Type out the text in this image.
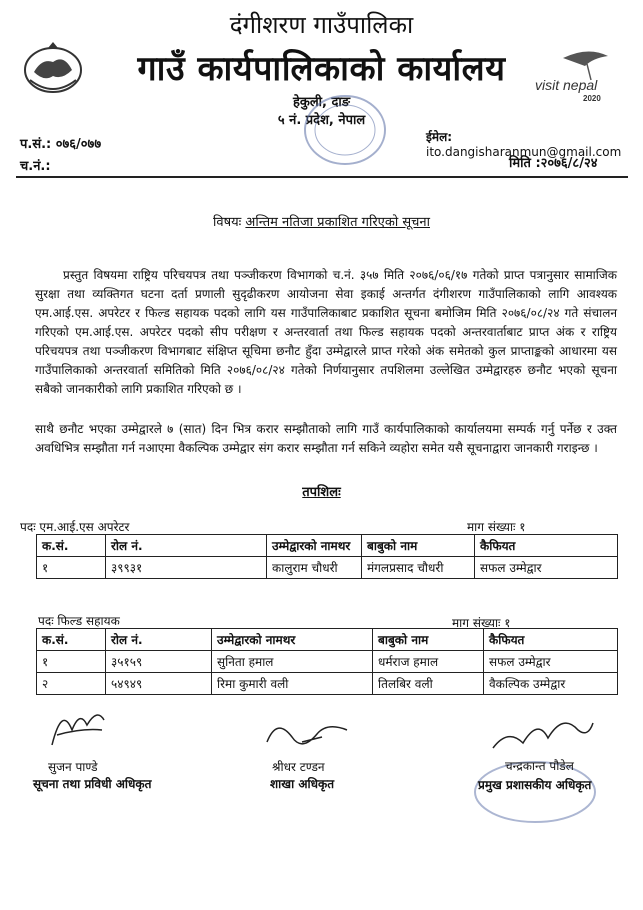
visit nepal
2020
दंगीशरण गाउँपालिका
गाउँ कार्यपालिकाको कार्यालय
हेकुली, दाङ
५ नं. प्रदेश, नेपाल
प.सं.: ०७६/०७७
च.नं.:
ईमेल: ito.dangisharanmun@gmail.com
मिति :२०७६/८/२४
विषयः अन्तिम नतिजा प्रकाशित गरिएको सूचना
प्रस्तुत विषयमा राष्ट्रिय परिचयपत्र तथा पञ्जीकरण विभागको च.नं. ३५७ मिति २०७६/०६/१७ गतेको प्राप्त पत्रानुसार सामाजिक सुरक्षा तथा व्यक्तिगत घटना दर्ता प्रणाली सुदृढीकरण आयोजना सेवा इकाई अन्तर्गत दंगीशरण गाउँपालिकाको लागि आवश्यक एम.आई.एस. अपरेटर र फिल्ड सहायक पदको लागि यस गाउँपालिकाबाट प्रकाशित सूचना बमोजिम मिति २०७६/०८/२४ गते संचालन गरिएको एम.आई.एस. अपरेटर पदको सीप परीक्षण र अन्तरवार्ता तथा फिल्ड सहायक पदको अन्तरवार्ताबाट प्राप्त अंक र राष्ट्रिय परिचयपत्र तथा पञ्जीकरण विभागबाट संक्षिप्त सूचिमा छनौट हुँदा उम्मेद्वारले प्राप्त गरेको अंक समेतको कुल प्राप्ताङ्कको आधारमा यस गाउँपालिकाको अन्तरवार्ता समितिको मिति २०७६/०८/२४ गतेको निर्णयानुसार तपशिलमा उल्लेखित उम्मेद्वारहरु छनौट भएको सूचना सबैको जानकारीको लागि प्रकाशित गरिएको छ ।
साथै छनौट भएका उम्मेद्वारले ७ (सात) दिन भित्र करार सम्झौताको लागि गाउँ कार्यपालिकाको कार्यालयमा सम्पर्क गर्नु पर्नेछ र उक्त अवधिभित्र सम्झौता गर्न नआएमा वैकल्पिक उम्मेद्वार संग करार सम्झौता गर्न सकिने व्यहोरा समेत यसै सूचनाद्वारा जानकारी गराइन्छ ।
तपशिलः
पदः एम.आई.एस अपरेटर	माग संख्याः १
क.सं.	रोल नं.	उम्मेद्वारको नामथर	बाबुको नाम	कैफियत
१	३९९३१	कालुराम चौधरी	मंगलप्रसाद चौधरी	सफल उम्मेद्वार
पदः फिल्ड सहायक	माग संख्याः १
क.सं.	रोल नं.	उम्मेद्वारको नामथर	बाबुको नाम	कैफियत
१	३५१५९	सुनिता हमाल	धर्मराज हमाल	सफल उम्मेद्वार
२	५४९४९	रिमा कुमारी वली	तिलबिर वली	वैकल्पिक उम्मेद्वार
सुजन पाण्डे
सूचना तथा प्रविधी अधिकृत
श्रीधर टण्डन
शाखा अधिकृत
चन्द्रकान्त पौडेल
प्रमुख प्रशासकीय अधिकृत
